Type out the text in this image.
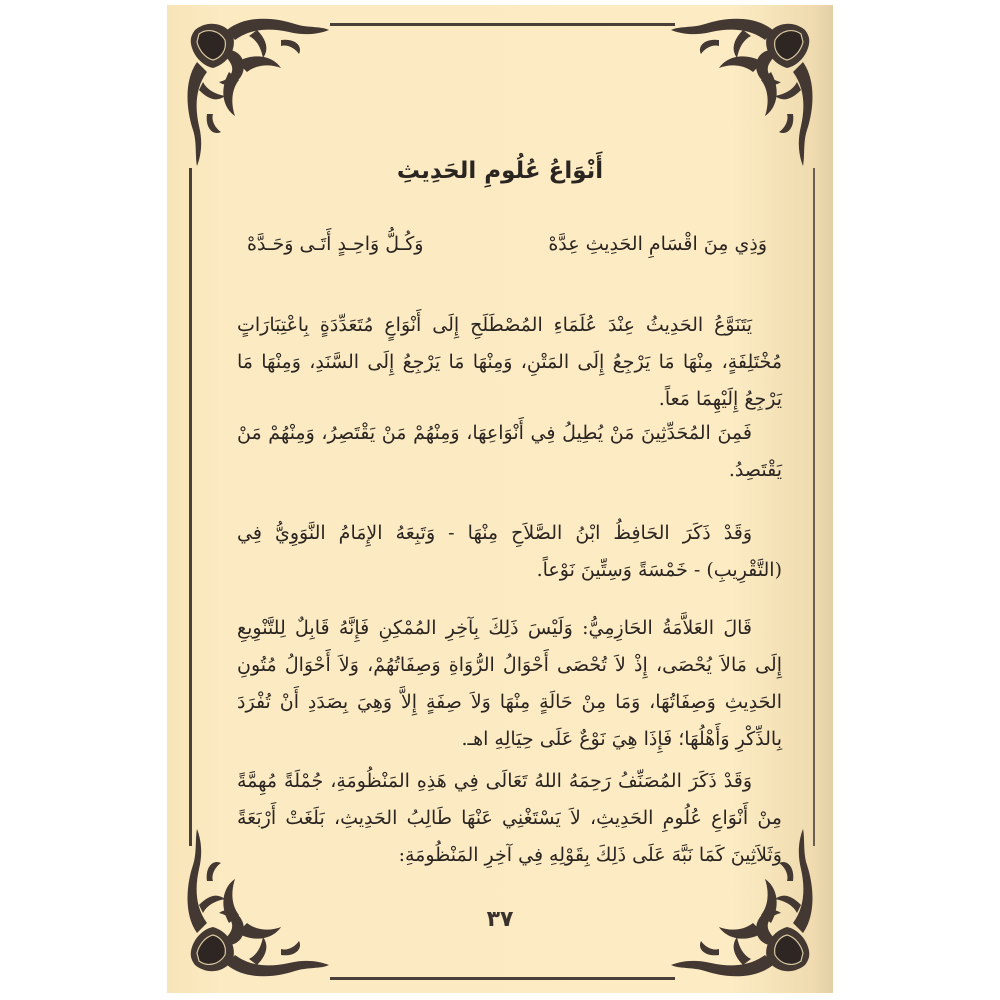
أَنْوَاعُ عُلُومِ الحَدِيثِ
وَذِي مِنَ اقْسَامِ الحَدِيثِ عِدَّهْ
وَكُـلُّ وَاحِـدٍ أَتَـى وَحَـدَّهْ

يَتَنَوَّعُ الحَدِيثُ عِنْدَ عُلَمَاءِ المُصْطَلَحِ إِلَى أَنْوَاعٍ مُتَعَدِّدَةٍ بِاعْتِبَارَاتٍ مُخْتَلِفَةٍ، مِنْهَا مَا يَرْجِعُ إِلَى المَتْنِ، وَمِنْهَا مَا يَرْجِعُ إِلَى السَّنَدِ، وَمِنْهَا مَا يَرْجِعُ إِلَيْهِمَا مَعاً.

فَمِنَ المُحَدِّثِينَ مَنْ يُطِيلُ فِي أَنْوَاعِهَا، وَمِنْهُمْ مَنْ يَقْتَصِرُ، وَمِنْهُمْ مَنْ يَقْتَصِدُ.

وَقَدْ ذَكَرَ الحَافِظُ ابْنُ الصَّلاَحِ مِنْهَا - وَتَبِعَهُ الإِمَامُ النَّوَوِيُّ فِي (التَّقْرِيبِ) - خَمْسَةً وَسِتِّينَ نَوْعاً.

قَالَ العَلاَّمَةُ الحَازِمِيُّ: وَلَيْسَ ذَلِكَ بِآخِرِ المُمْكِنِ فَإِنَّهُ قَابِلٌ لِلتَّنْوِيعِ إِلَى مَالاَ يُحْصَى، إِذْ لاَ تُحْصَى أَحْوَالُ الرُّوَاةِ وَصِفَاتُهُمْ، وَلاَ أَحْوَالُ مُتُونِ الحَدِيثِ وَصِفَاتُهَا، وَمَا مِنْ حَالَةٍ مِنْهَا وَلاَ صِفَةٍ إِلاَّ وَهِيَ بِصَدَدِ أَنْ تُفْرَدَ بِالذِّكْرِ وَأَهْلُهَا؛ فَإِذَا هِيَ نَوْعٌ عَلَى حِيَالِهِ اهـ.

وَقَدْ ذَكَرَ المُصَنِّفُ رَحِمَهُ اللهُ تَعَالَى فِي هَذِهِ المَنْظُومَةِ، جُمْلَةً مُهِمَّةً مِنْ أَنْوَاعِ عُلُومِ الحَدِيثِ، لاَ يَسْتَغْنِي عَنْهَا طَالِبُ الحَدِيثِ، بَلَغَتْ أَرْبَعَةً وَثَلاَثِينَ كَمَا نَبَّهَ عَلَى ذَلِكَ بِقَوْلِهِ فِي آخِرِ المَنْظُومَةِ:

٣٧
